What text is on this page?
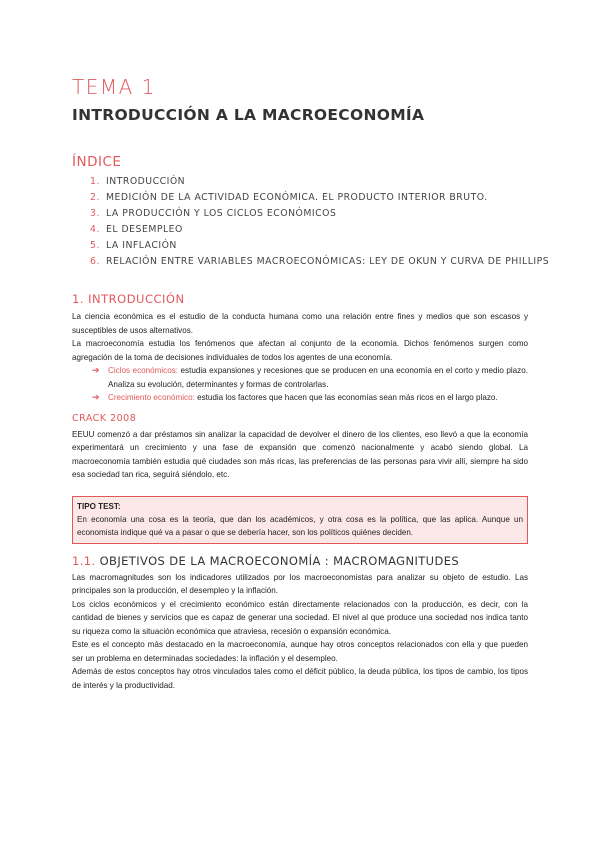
TEMA 1
INTRODUCCIÓN A LA MACROECONOMÍA
ÍNDICE
1. INTRODUCCIÓN
2. MEDICIÓN DE LA ACTIVIDAD ECONÓMICA. EL PRODUCTO INTERIOR BRUTO.
3. LA PRODUCCIÓN Y LOS CICLOS ECONÓMICOS
4. EL DESEMPLEO
5. LA INFLACIÓN
6. RELACIÓN ENTRE VARIABLES MACROECONÓMICAS: LEY DE OKUN Y CURVA DE PHILLIPS
1. INTRODUCCIÓN

La ciencia económica es el estudio de la conducta humana como una relación entre fines y medios que son escasos y susceptibles de usos alternativos.

La macroeconomía estudia los fenómenos que afectan al conjunto de la economía. Dichos fenómenos surgen como agregación de la toma de decisiones individuales de todos los agentes de una economía.

➔ Ciclos económicos: estudia expansiones y recesiones que se producen en una economía en el corto y medio plazo. Analiza su evolución, determinantes y formas de controlarlas.
➔ Crecimiento económico: estudia los factores que hacen que las economías sean más ricos en el largo plazo.
CRACK 2008

EEUU comenzó a dar préstamos sin analizar la capacidad de devolver el dinero de los clientes, eso llevó a que la economía experimentará un crecimiento y una fase de expansión que comenzó nacionalmente y acabó siendo global. La macroeconomía también estudia qué ciudades son más ricas, las preferencias de las personas para vivir allí, siempre ha sido esa sociedad tan rica, seguirá siéndolo, etc.

TIPO TEST:

En economía una cosa es la teoría, que dan los académicos, y otra cosa es la política, que las aplica. Aunque un economista indique qué va a pasar o que se debería hacer, son los políticos quiénes deciden.

1.1. OBJETIVOS DE LA MACROECONOMÍA : MACROMAGNITUDES

Las macromagnitudes son los indicadores utilizados por los macroeconomistas para analizar su objeto de estudio. Las principales son la producción, el desempleo y la inflación.

Los ciclos económicos y el crecimiento económico están directamente relacionados con la producción, es decir, con la cantidad de bienes y servicios que es capaz de generar una sociedad. El nivel al que produce una sociedad nos indica tanto su riqueza como la situación económica que atraviesa, recesión o expansión económica.

Este es el concepto más destacado en la macroeconomía, aunque hay otros conceptos relacionados con ella y que pueden ser un problema en determinadas sociedades: la inflación y el desempleo.

Además de estos conceptos hay otros vinculados tales como el déficit público, la deuda pública, los tipos de cambio, los tipos de interés y la productividad.
